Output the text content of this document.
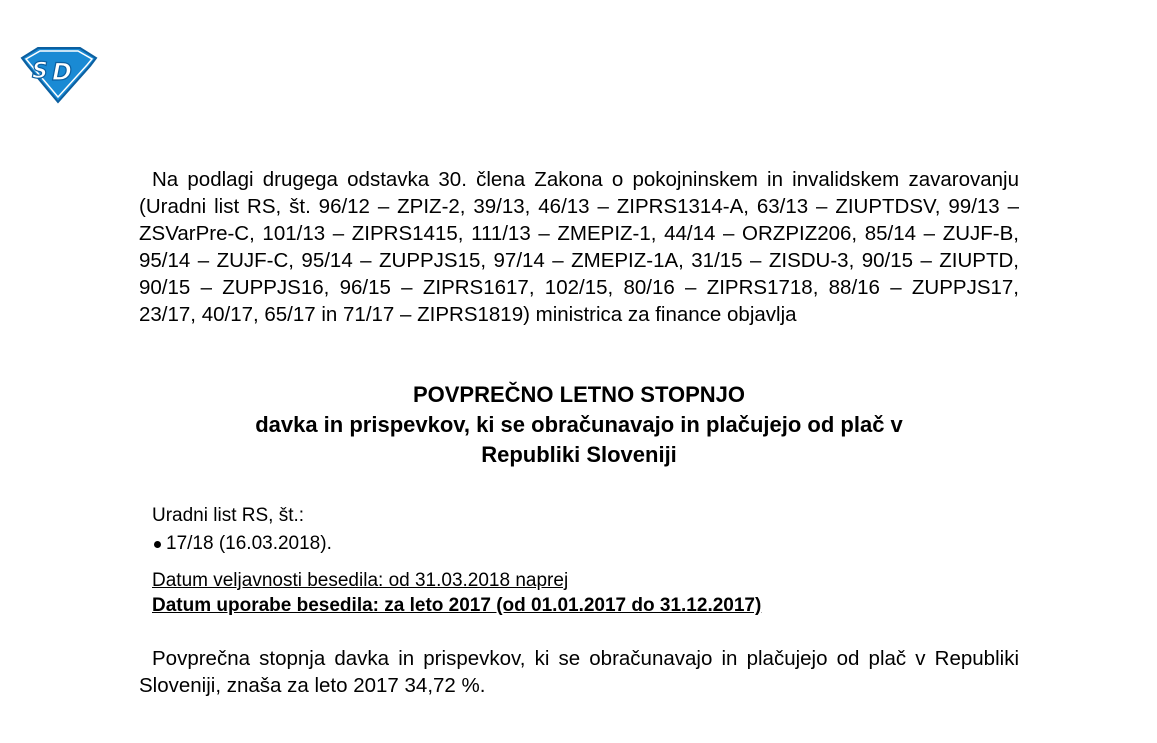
S D

Na podlagi drugega odstavka 30. člena Zakona o pokojninskem in invalidskem zavarovanju (Uradni list RS, št. 96/12 – ZPIZ-2, 39/13, 46/13 – ZIPRS1314-A, 63/13 – ZIUPTDSV, 99/13 – ZSVarPre-C, 101/13 – ZIPRS1415, 111/13 – ZMEPIZ-1, 44/14 – ORZPIZ206, 85/14 – ZUJF-B, 95/14 – ZUJF-C, 95/14 – ZUPPJS15, 97/14 – ZMEPIZ-1A, 31/15 – ZISDU-3, 90/15 – ZIUPTD, 90/15 – ZUPPJS16, 96/15 – ZIPRS1617, 102/15, 80/16 – ZIPRS1718, 88/16 – ZUPPJS17, 23/17, 40/17, 65/17 in 71/17 – ZIPRS1819) ministrica za finance objavlja

POVPREČNO LETNO STOPNJO
davka in prispevkov, ki se obračunavajo in plačujejo od plač v
Republiki Sloveniji
Uradni list RS, št.:
17/18 (16.03.2018).
Datum veljavnosti besedila: od 31.03.2018 naprej
Datum uporabe besedila: za leto 2017 (od 01.01.2017 do 31.12.2017)

Povprečna stopnja davka in prispevkov, ki se obračunavajo in plačujejo od plač v Republiki Sloveniji, znaša za leto 2017 34,72 %.
